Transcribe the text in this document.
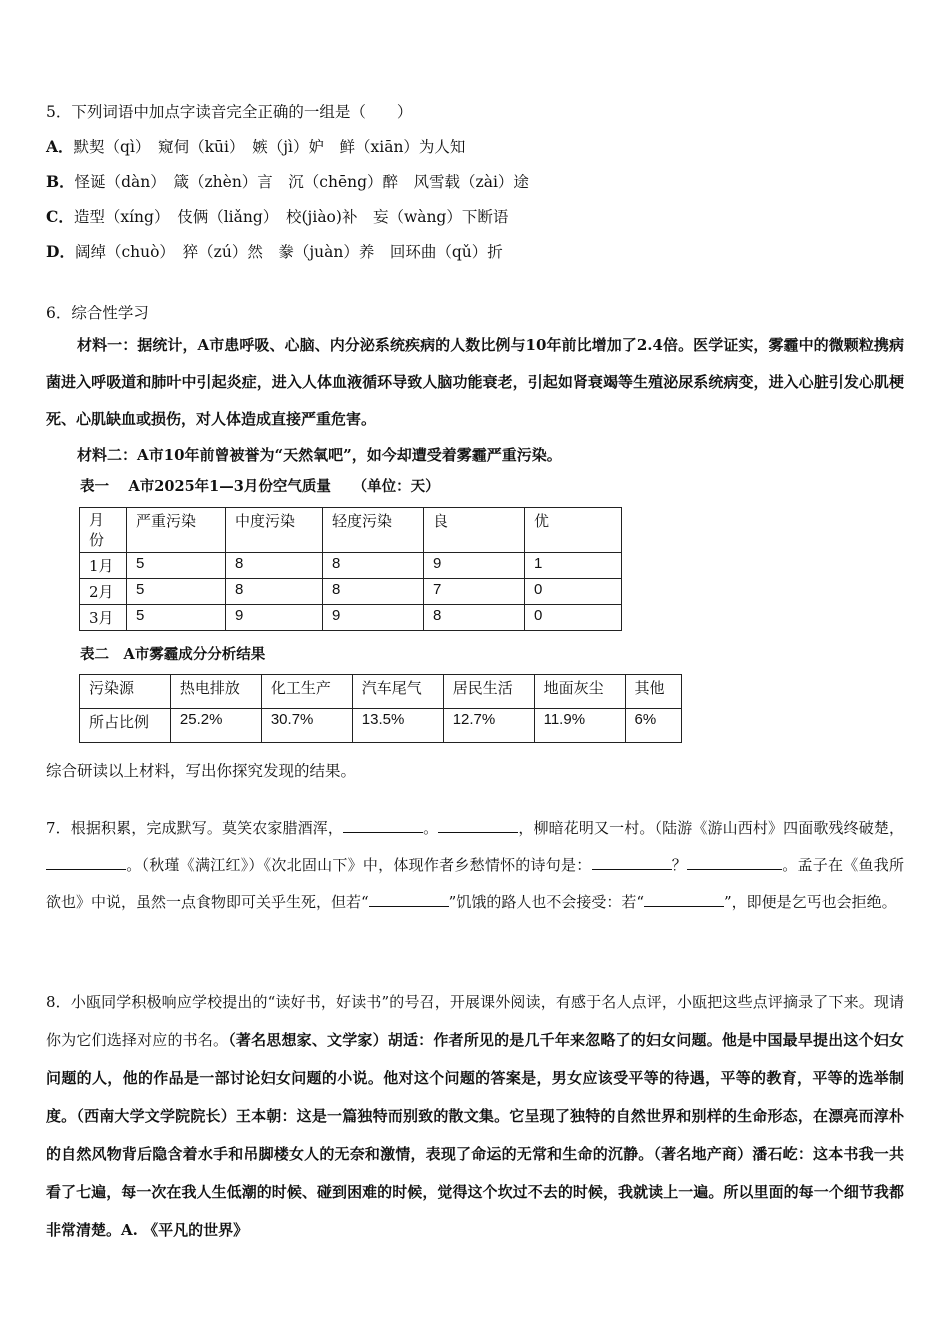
5．下列词语中加点字读音完全正确的一组是（　　）
A．默契（qì）　窥伺（kūi）　嫉（jì）妒　鲜（xiān）为人知
B．怪诞（dàn）　箴（zhèn）言　沉（chēng）醉　风雪载（zài）途
C．造型（xíng）　伎俩（liǎng）　校(jiào)补　妄（wàng）下断语
D．阔绰（chuò）　猝（zú）然　豢（juàn）养　回环曲（qǔ）折
6．综合性学习
材料一：据统计，A市患呼吸、心脑、内分泌系统疾病的人数比例与10年前比增加了2.4倍。医学证实，雾霾中的微颗粒携病菌进入呼吸道和肺叶中引起炎症，进入人体血液循环导致人脑功能衰老，引起如肾衰竭等生殖泌尿系统病变，进入心脏引发心肌梗死、心肌缺血或损伤，对人体造成直接严重危害。
材料二：A市10年前曾被誉为“天然氧吧”，如今却遭受着雾霾严重污染。
表一　 A市2025年1—3月份空气质量　　（单位：天）
月份	严重污染	中度污染	轻度污染	良	优
1月	5	8	8	9	1
2月	5	8	8	7	0
3月	5	9	9	8	0
表二　A市雾霾成分分析结果
污染源	热电排放	化工生产	汽车尾气	居民生活	地面灰尘	其他
所占比例	25.2%	30.7%	13.5%	12.7%	11.9%	6%
综合研读以上材料，写出你探究发现的结果。
7．根据积累，完成默写。莫笑农家腊酒浑，	。	，柳暗花明又一村。（陆游《游山西村》四面歌残终破楚，。（秋瑾《满江红》）《次北固山下》中，体现作者乡愁情怀的诗句是：	？	。孟子在《鱼我所欲也》中说，虽然一点食物即可关乎生死，但若“	”饥饿的路人也不会接受：若“	”，即便是乞丐也会拒绝。
8．小瓯同学积极响应学校提出的“读好书，好读书”的号召，开展课外阅读，有感于名人点评，小瓯把这些点评摘录了下来。现请你为它们选择对应的书名。（著名思想家、文学家）胡适：作者所见的是几千年来忽略了的妇女问题。他是中国最早提出这个妇女问题的人，他的作品是一部讨论妇女问题的小说。他对这个问题的答案是，男女应该受平等的待遇，平等的教育，平等的选举制度。（西南大学文学院院长）王本朝：这是一篇独特而别致的散文集。它呈现了独特的自然世界和别样的生命形态，在漂亮而淳朴的自然风物背后隐含着水手和吊脚楼女人的无奈和激情，表现了命运的无常和生命的沉静。（著名地产商）潘石屹：这本书我一共看了七遍，每一次在我人生低潮的时候、碰到困难的时候，觉得这个坎过不去的时候，我就读上一遍。所以里面的每一个细节我都非常清楚。A. 《平凡的世界》
